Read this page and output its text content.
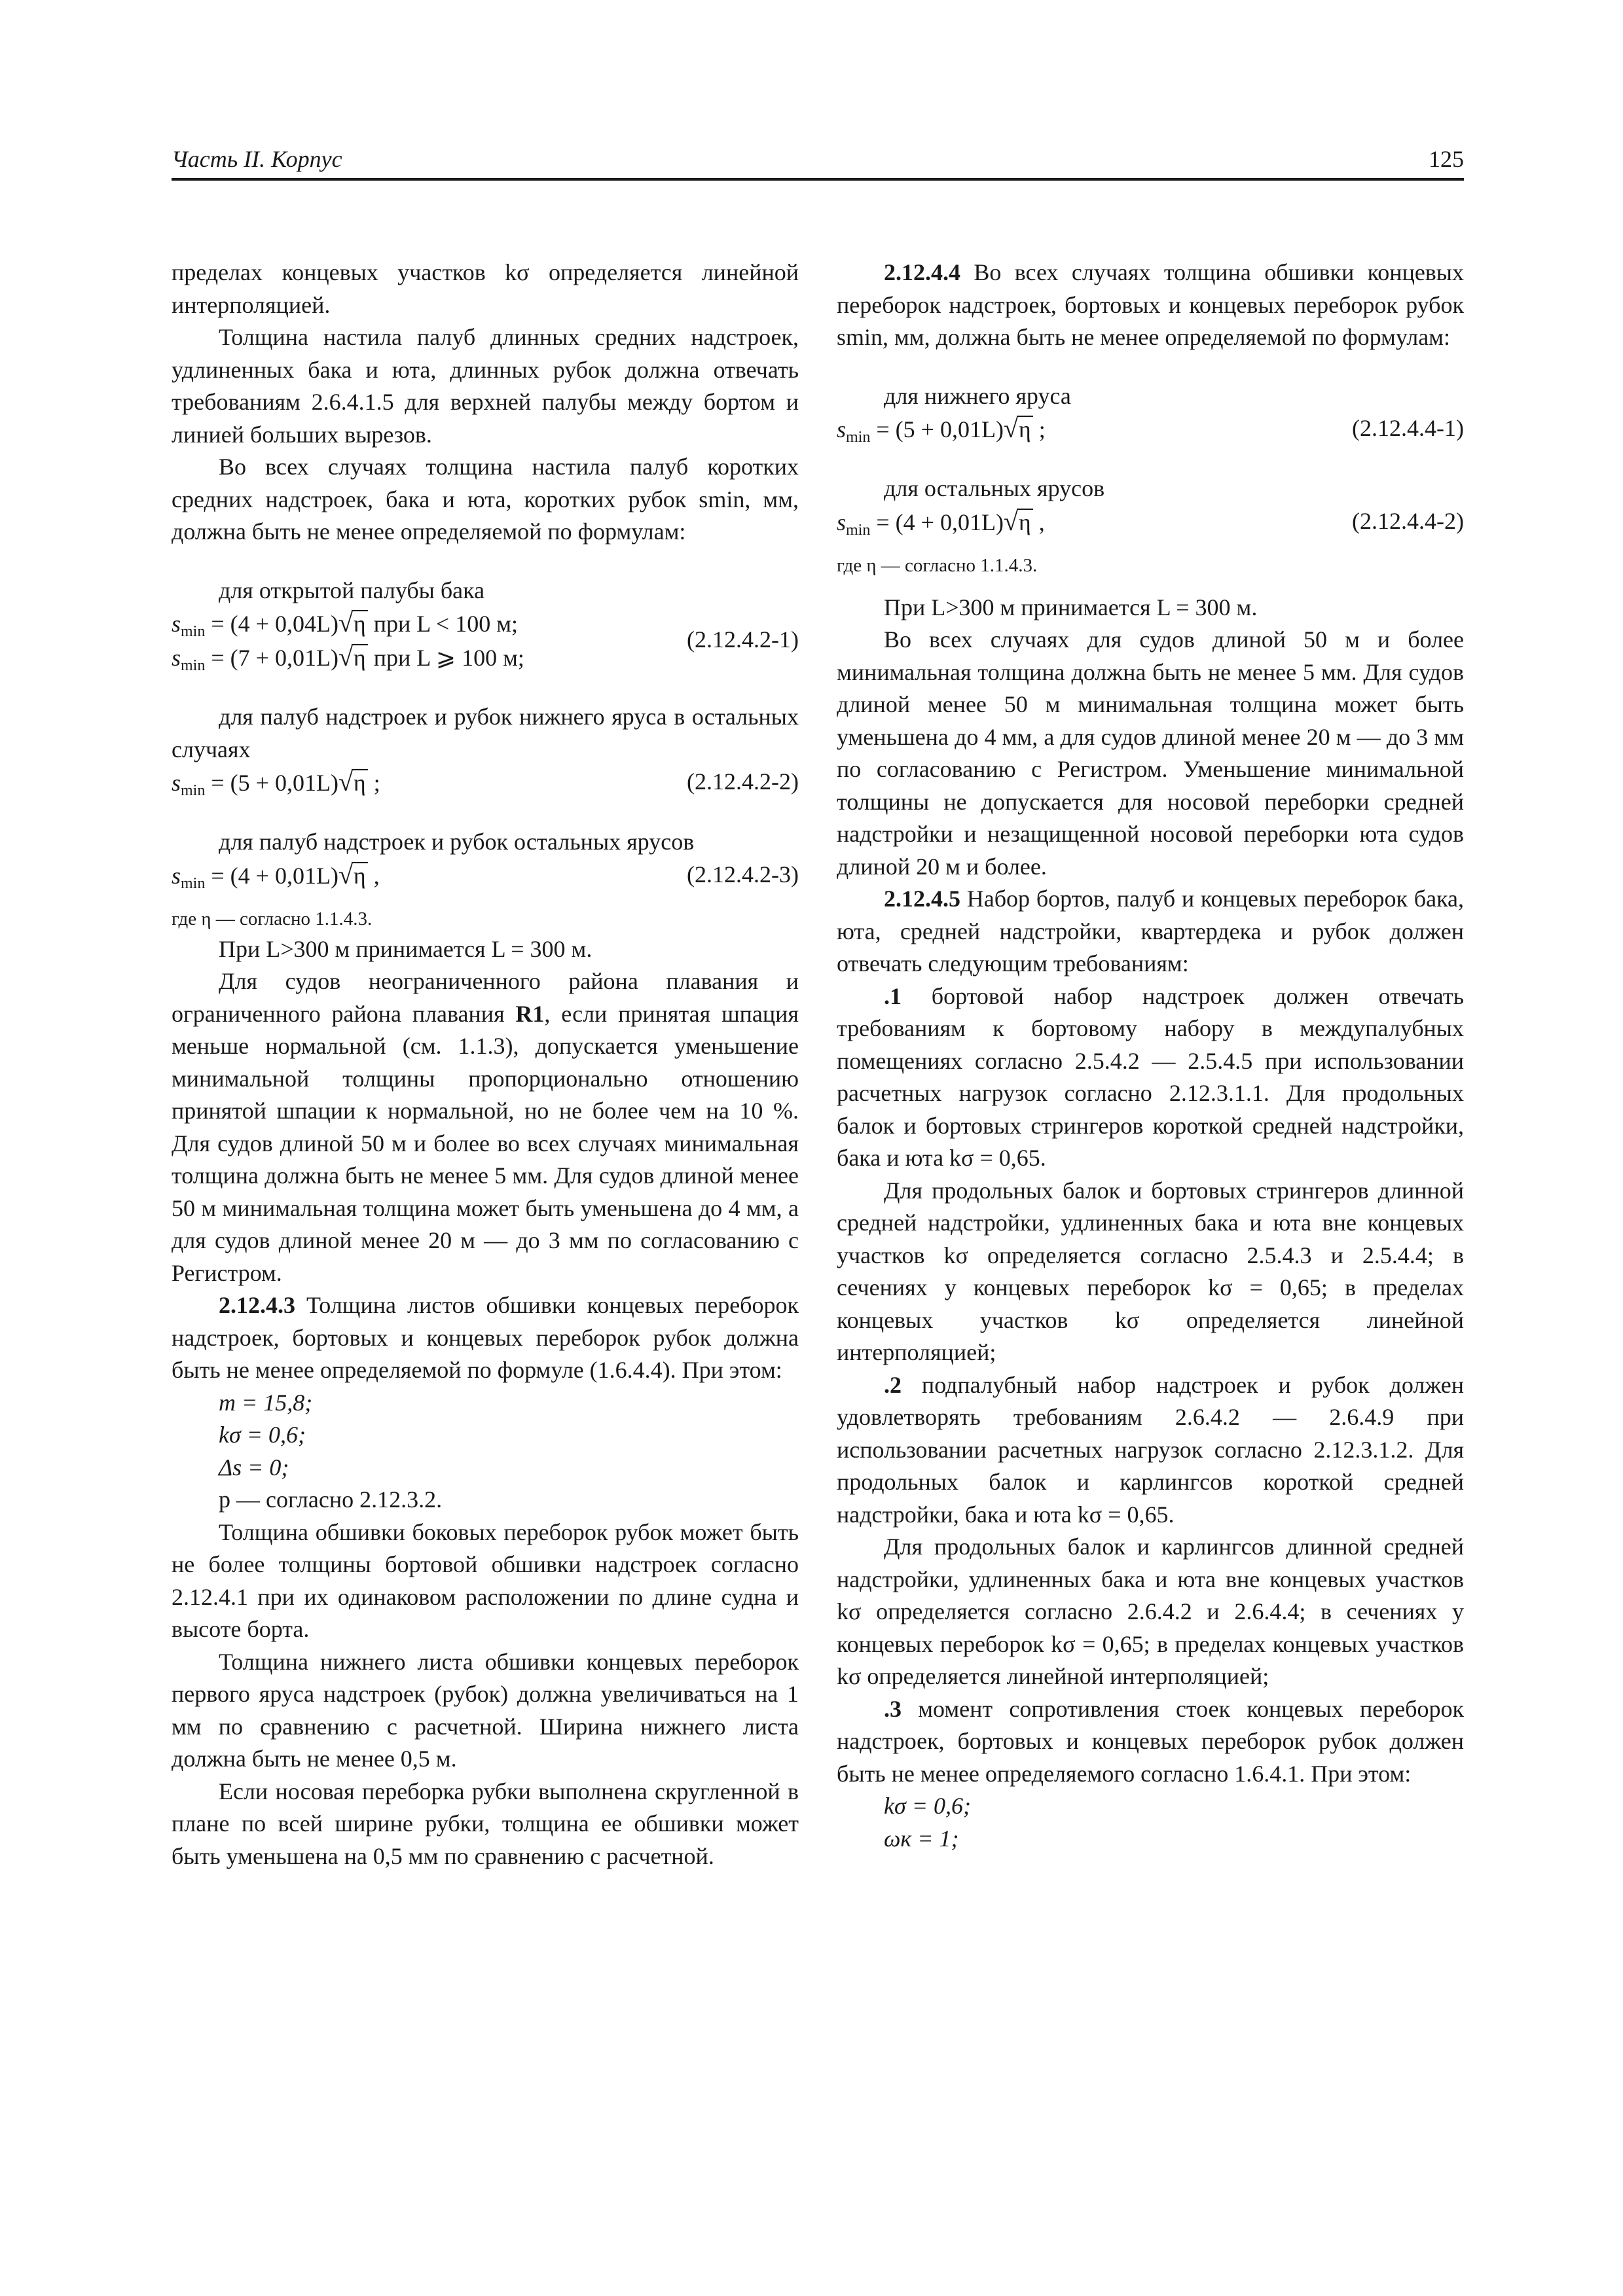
Часть II. Корпус	125

пределах концевых участков kσ определяется линейной интерполяцией.

Толщина настила палуб длинных средних надстроек, удлиненных бака и юта, длинных рубок должна отвечать требованиям 2.6.4.1.5 для верхней палубы между бортом и линией больших вырезов.

Во всех случаях толщина настила палуб коротких средних надстроек, бака и юта, коротких рубок smin, мм, должна быть не менее определяемой по формулам:

для открытой палубы бака

$s_{min} = (4 + 0,04L)√\eta$ при L < 100 м;
$s_{min} = (7 + 0,01L)√\eta$ при L ⩾ 100 м;
(2.12.4.2-1)

для палуб надстроек и рубок нижнего яруса в остальных случаях

$s_{min} = (5 + 0,01L)√\eta$ ;	(2.12.4.2-2)

для палуб надстроек и рубок остальных ярусов

$s_{min} = (4 + 0,01L)√\eta$ ,	(2.12.4.2-3)

где η — согласно 1.1.4.3.

При L>300 м принимается L = 300 м.

Для судов неограниченного района плавания и ограниченного района плавания R1, если принятая шпация меньше нормальной (см. 1.1.3), допускается уменьшение минимальной толщины пропорционально отношению принятой шпации к нормальной, но не более чем на 10 %. Для судов длиной 50 м и более во всех случаях минимальная толщина должна быть не менее 5 мм. Для судов длиной менее 50 м минимальная толщина может быть уменьшена до 4 мм, а для судов длиной менее 20 м — до 3 мм по согласованию с Регистром.

2.12.4.3 Толщина листов обшивки концевых переборок надстроек, бортовых и концевых переборок рубок должна быть не менее определяемой по формуле (1.6.4.4). При этом:

m = 15,8;

kσ = 0,6;

Δs = 0;

p — согласно 2.12.3.2.

Толщина обшивки боковых переборок рубок может быть не более толщины бортовой обшивки надстроек согласно 2.12.4.1 при их одинаковом расположении по длине судна и высоте борта.

Толщина нижнего листа обшивки концевых переборок первого яруса надстроек (рубок) должна увеличиваться на 1 мм по сравнению с расчетной. Ширина нижнего листа должна быть не менее 0,5 м.

Если носовая переборка рубки выполнена скругленной в плане по всей ширине рубки, толщина ее обшивки может быть уменьшена на 0,5 мм по сравнению с расчетной.

2.12.4.4 Во всех случаях толщина обшивки концевых переборок надстроек, бортовых и концевых переборок рубок smin, мм, должна быть не менее определяемой по формулам:

для нижнего яруса

$s_{min} = (5 + 0,01L)√\eta$ ;	(2.12.4.4-1)

для остальных ярусов

$s_{min} = (4 + 0,01L)√\eta$ ,	(2.12.4.4-2)

где η — согласно 1.1.4.3.

При L>300 м принимается L = 300 м.

Во всех случаях для судов длиной 50 м и более минимальная толщина должна быть не менее 5 мм. Для судов длиной менее 50 м минимальная толщина может быть уменьшена до 4 мм, а для судов длиной менее 20 м — до 3 мм по согласованию с Регистром. Уменьшение минимальной толщины не допускается для носовой переборки средней надстройки и незащищенной носовой переборки юта судов длиной 20 м и более.

2.12.4.5 Набор бортов, палуб и концевых переборок бака, юта, средней надстройки, квартердека и рубок должен отвечать следующим требованиям:

.1 бортовой набор надстроек должен отвечать требованиям к бортовому набору в междупалубных помещениях согласно 2.5.4.2 — 2.5.4.5 при использовании расчетных нагрузок согласно 2.12.3.1.1. Для продольных балок и бортовых стрингеров короткой средней надстройки, бака и юта kσ = 0,65.

Для продольных балок и бортовых стрингеров длинной средней надстройки, удлиненных бака и юта вне концевых участков kσ определяется согласно 2.5.4.3 и 2.5.4.4; в сечениях у концевых переборок kσ = 0,65; в пределах концевых участков kσ определяется линейной интерполяцией;

.2 подпалубный набор надстроек и рубок должен удовлетворять требованиям 2.6.4.2 — 2.6.4.9 при использовании расчетных нагрузок согласно 2.12.3.1.2. Для продольных балок и карлингсов короткой средней надстройки, бака и юта kσ = 0,65.

Для продольных балок и карлингсов длинной средней надстройки, удлиненных бака и юта вне концевых участков kσ определяется согласно 2.6.4.2 и 2.6.4.4; в сечениях у концевых переборок kσ = 0,65; в пределах концевых участков kσ определяется линейной интерполяцией;

.3 момент сопротивления стоек концевых переборок надстроек, бортовых и концевых переборок рубок должен быть не менее определяемого согласно 1.6.4.1. При этом:

kσ = 0,6;

ωк = 1;
